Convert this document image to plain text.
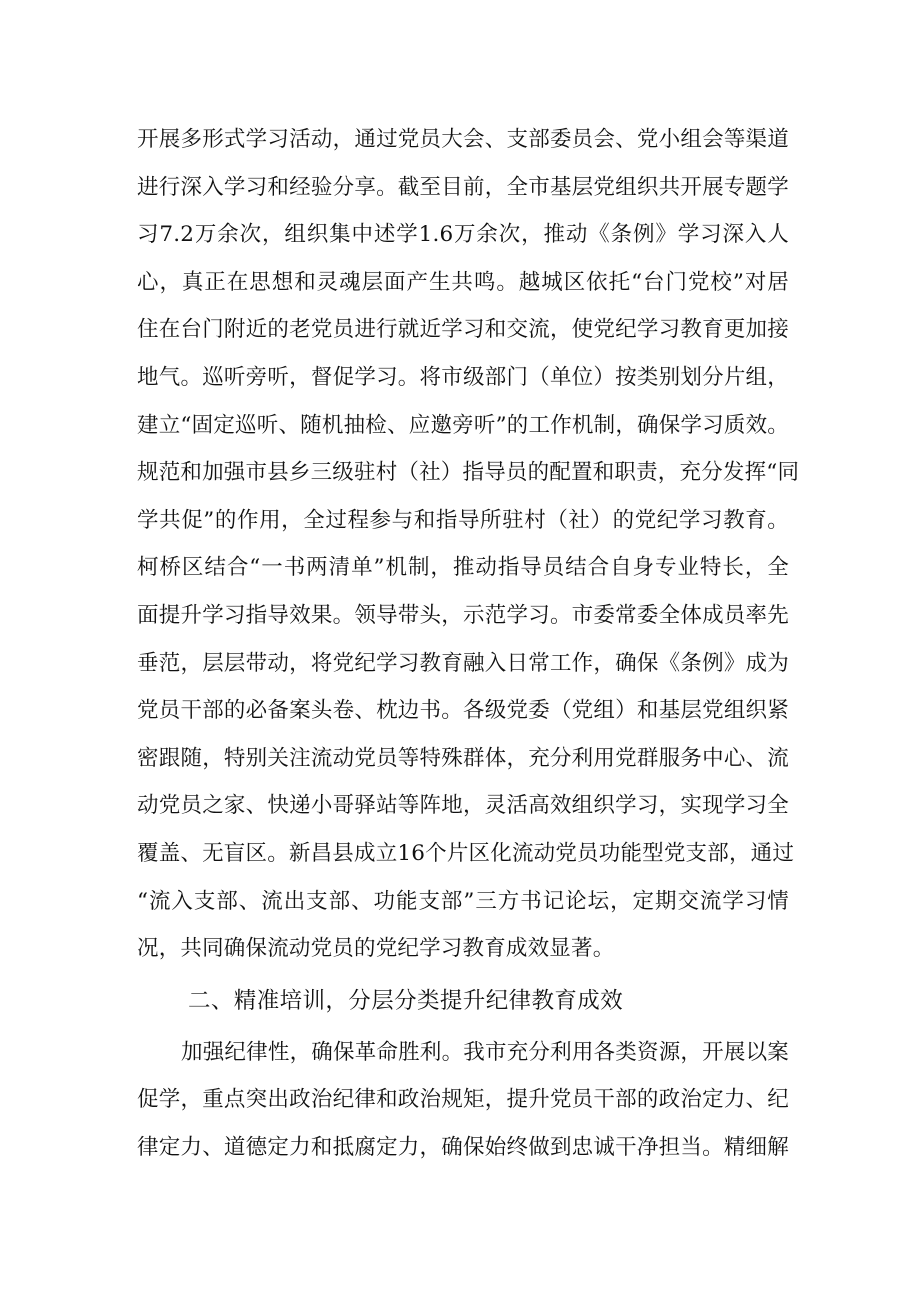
开展多形式学习活动，通过党员大会、支部委员会、党小组会等渠道
进行深入学习和经验分享。截至目前，全市基层党组织共开展专题学
习7.2万余次，组织集中述学1.6万余次，推动《条例》学习深入人
心，真正在思想和灵魂层面产生共鸣。越城区依托“台门党校”对居
住在台门附近的老党员进行就近学习和交流，使党纪学习教育更加接
地气。巡听旁听，督促学习。将市级部门（单位）按类别划分片组，
建立“固定巡听、随机抽检、应邀旁听”的工作机制，确保学习质效。
规范和加强市县乡三级驻村（社）指导员的配置和职责，充分发挥“同
学共促”的作用，全过程参与和指导所驻村（社）的党纪学习教育。
柯桥区结合“一书两清单”机制，推动指导员结合自身专业特长，全
面提升学习指导效果。领导带头，示范学习。市委常委全体成员率先
垂范，层层带动，将党纪学习教育融入日常工作，确保《条例》成为
党员干部的必备案头卷、枕边书。各级党委（党组）和基层党组织紧
密跟随，特别关注流动党员等特殊群体，充分利用党群服务中心、流
动党员之家、快递小哥驿站等阵地，灵活高效组织学习，实现学习全
覆盖、无盲区。新昌县成立16个片区化流动党员功能型党支部，通过
“流入支部、流出支部、功能支部”三方书记论坛，定期交流学习情
况，共同确保流动党员的党纪学习教育成效显著。
二、精准培训，分层分类提升纪律教育成效
加强纪律性，确保革命胜利。我市充分利用各类资源，开展以案
促学，重点突出政治纪律和政治规矩，提升党员干部的政治定力、纪
律定力、道德定力和抵腐定力，确保始终做到忠诚干净担当。精细解
